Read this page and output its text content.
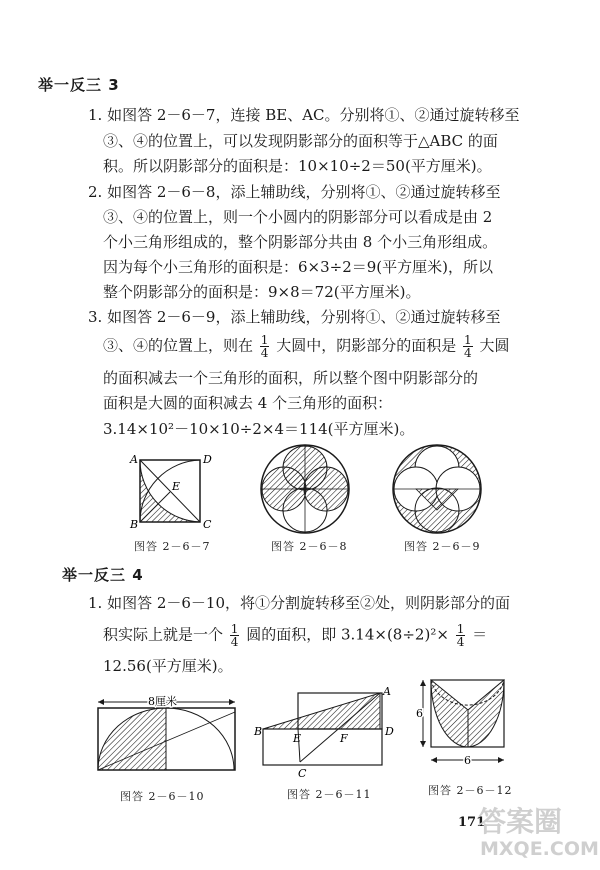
举一反三 3
1. 如图答 2－6－7，连接 BE、AC。分别将①、②通过旋转移至
③、④的位置上，可以发现阴影部分的面积等于△ABC 的面
积。所以阴影部分的面积是：10×10÷2＝50(平方厘米)。
2. 如图答 2－6－8，添上辅助线，分别将①、②通过旋转移至
③、④的位置上，则一个小圆内的阴影部分可以看成是由 2
个小三角形组成的，整个阴影部分共由 8 个小三角形组成。
因为每个小三角形的面积是：6×3÷2＝9(平方厘米)，所以
整个阴影部分的面积是：9×8＝72(平方厘米)。
3. 如图答 2－6－9，添上辅助线，分别将①、②通过旋转移至
③、④的位置上，则在 $\frac{1}{4}$ 大圆中，阴影部分的面积是 $\frac{1}{4}$ 大圆
的面积减去一个三角形的面积，所以整个图中阴影部分的
面积是大圆的面积减去 4 个三角形的面积：
3.14×10²－10×10÷2×4＝114(平方厘米)。
A	D
E
B	C
图答 2－6－7	图答 2－6－8	图答 2－6－9
举一反三 4
1. 如图答 2－6－10，将①分割旋转移至②处，则阴影部分的面
积实际上就是一个 $\frac{1}{4}$ 圆的面积，即 $3.14\times(8\div 2)^2\times \frac{1}{4}$ ＝
12.56(平方厘米)。
8厘米
A
B
E	F
D
C
6
6
图答 2－6－10	图答 2－6－11	图答 2－6－12
171
答案圈
MXQE.COM
